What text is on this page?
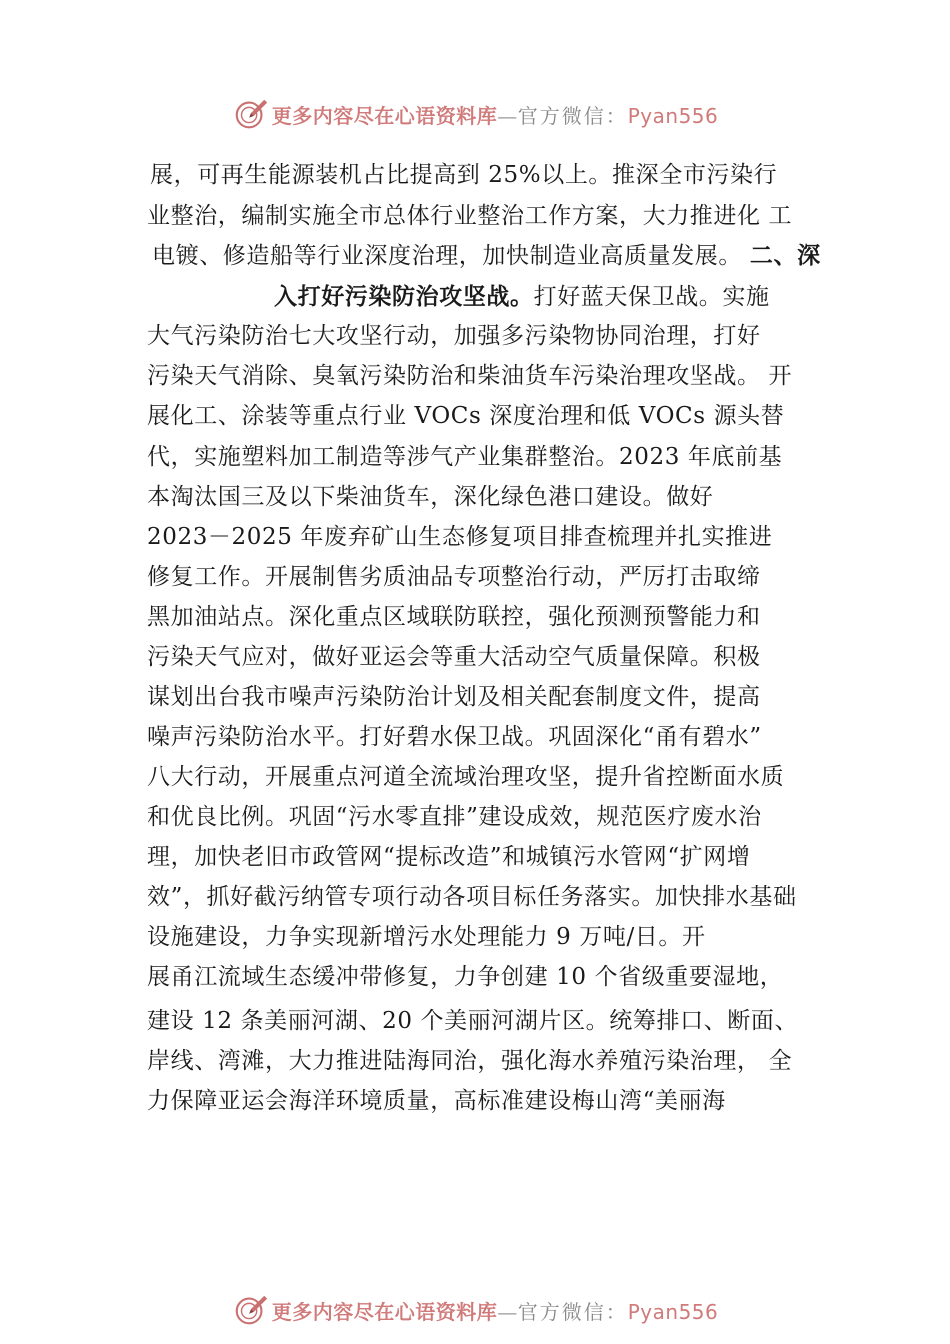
更多内容尽在心语资料库—官方微信：Pyan556
展，可再生能源装机占比提高到 25%以上。推深全市污染行
业整治，编制实施全市总体行业整治工作方案，大力推进化 工
电镀、修造船等行业深度治理，加快制造业高质量发展。 二、深
入打好污染防治攻坚战。打好蓝天保卫战。实施
大气污染防治七大攻坚行动，加强多污染物协同治理，打好
污染天气消除、臭氧污染防治和柴油货车污染治理攻坚战。 开
展化工、涂装等重点行业 VOCs 深度治理和低 VOCs 源头替
代，实施塑料加工制造等涉气产业集群整治。2023 年底前基
本淘汰国三及以下柴油货车，深化绿色港口建设。做好
2023－2025 年废弃矿山生态修复项目排查梳理并扎实推进
修复工作。开展制售劣质油品专项整治行动，严厉打击取缔
黑加油站点。深化重点区域联防联控，强化预测预警能力和
污染天气应对，做好亚运会等重大活动空气质量保障。积极
谋划出台我市噪声污染防治计划及相关配套制度文件，提高
噪声污染防治水平。打好碧水保卫战。巩固深化“甬有碧水”
八大行动，开展重点河道全流域治理攻坚，提升省控断面水质
和优良比例。巩固“污水零直排”建设成效，规范医疗废水治
理，加快老旧市政管网“提标改造”和城镇污水管网“扩网增
效”，抓好截污纳管专项行动各项目标任务落实。加快排水基础
设施建设，力争实现新增污水处理能力 9 万吨/日。开
展甬江流域生态缓冲带修复，力争创建 10 个省级重要湿地，
建设 12 条美丽河湖、20 个美丽河湖片区。统筹排口、断面、
岸线、湾滩，大力推进陆海同治，强化海水养殖污染治理， 全
力保障亚运会海洋环境质量，高标准建设梅山湾“美丽海
更多内容尽在心语资料库—官方微信：Pyan556
